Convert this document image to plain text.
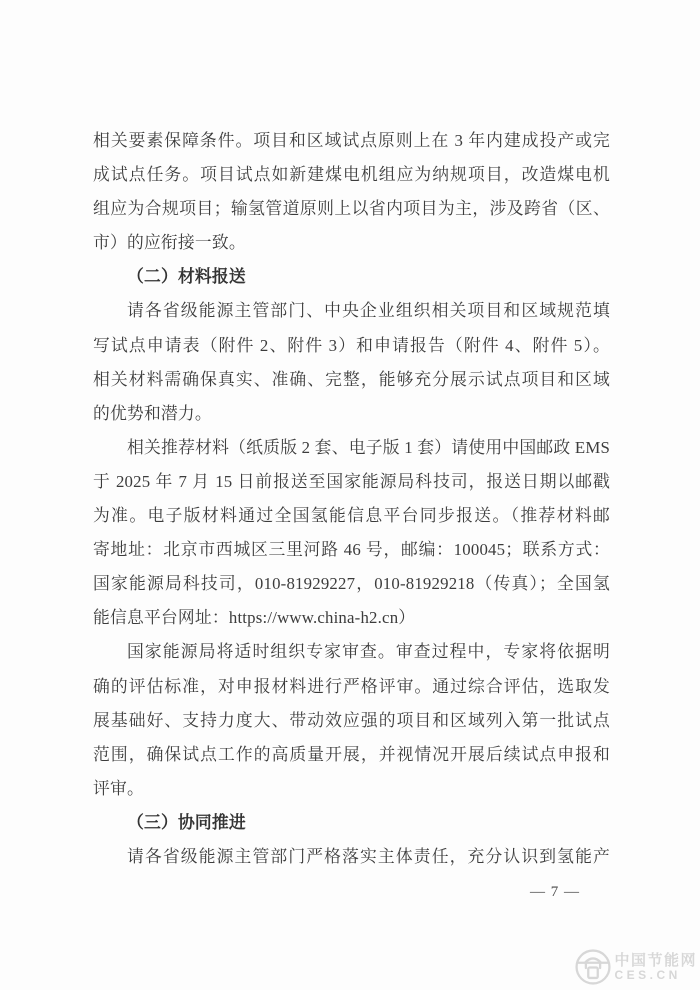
相关要素保障条件。项目和区域试点原则上在 3 年内建成投产或完
成试点任务。项目试点如新建煤电机组应为纳规项目，改造煤电机
组应为合规项目；输氢管道原则上以省内项目为主，涉及跨省（区、
市）的应衔接一致。
（二）材料报送
请各省级能源主管部门、中央企业组织相关项目和区域规范填
写试点申请表（附件 2、附件 3）和申请报告（附件 4、附件 5）。
相关材料需确保真实、准确、完整，能够充分展示试点项目和区域
的优势和潜力。
相关推荐材料（纸质版 2 套、电子版 1 套）请使用中国邮政 EMS
于 2025 年 7 月 15 日前报送至国家能源局科技司，报送日期以邮戳
为准。电子版材料通过全国氢能信息平台同步报送。（推荐材料邮
寄地址：北京市西城区三里河路 46 号，邮编：100045；联系方式：
国家能源局科技司，010-81929227，010-81929218（传真）；全国氢
能信息平台网址：https://www.china-h2.cn）
国家能源局将适时组织专家审查。审查过程中，专家将依据明
确的评估标准，对申报材料进行严格评审。通过综合评估，选取发
展基础好、支持力度大、带动效应强的项目和区域列入第一批试点
范围，确保试点工作的高质量开展，并视情况开展后续试点申报和
评审。
（三）协同推进
请各省级能源主管部门严格落实主体责任，充分认识到氢能产
— 7 —
中国节能网
CES.CN
